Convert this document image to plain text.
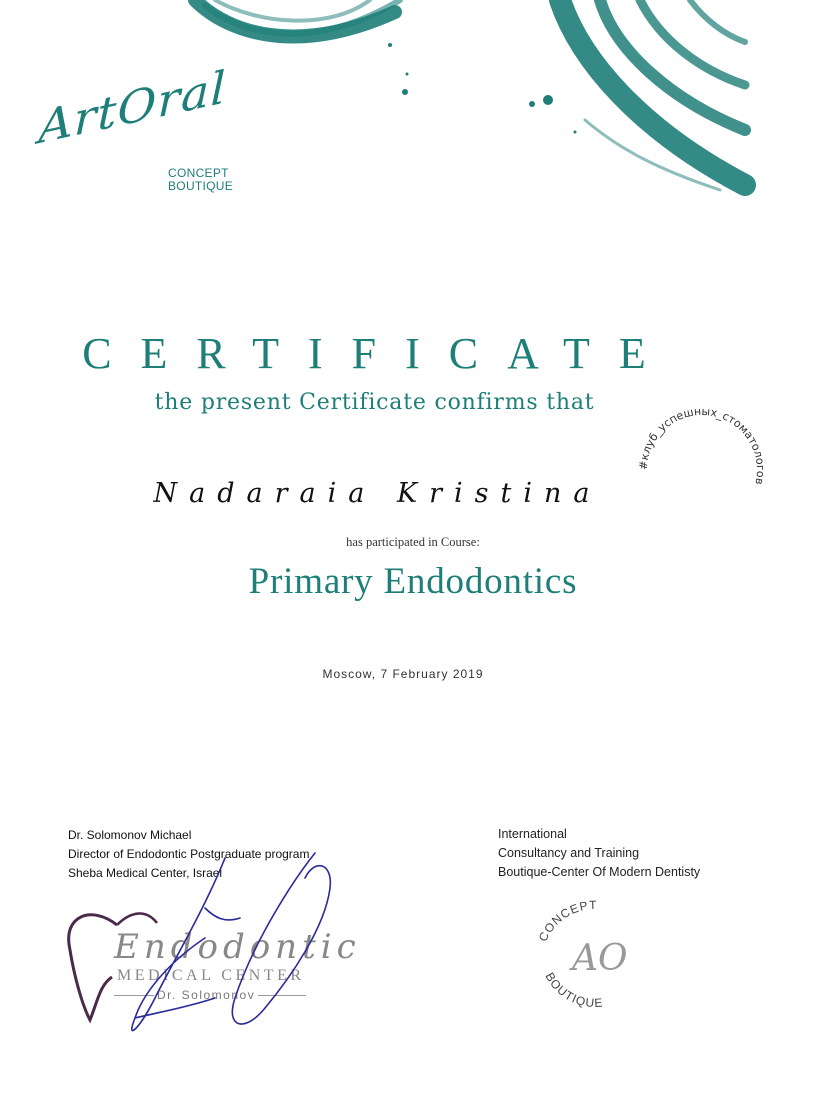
ArtOral
CONCEPT
BOUTIQUE
CERTIFICATE
the present Certificate confirms that
Nadaraia Kristina
has participated in Course:
Primary Endodontics
Moscow, 7 February 2019
#клуб_успешных_стоматологов
Dr. Solomonov Michael
Director of Endodontic Postgraduate program
Sheba Medical Center, Israel
Endodontic
MEDICAL CENTER
Dr. Solomonov
International
Consultancy and Training
Boutique-Center Of Modern Dentisty
CONCEPT
BOUTIQUE
AO
